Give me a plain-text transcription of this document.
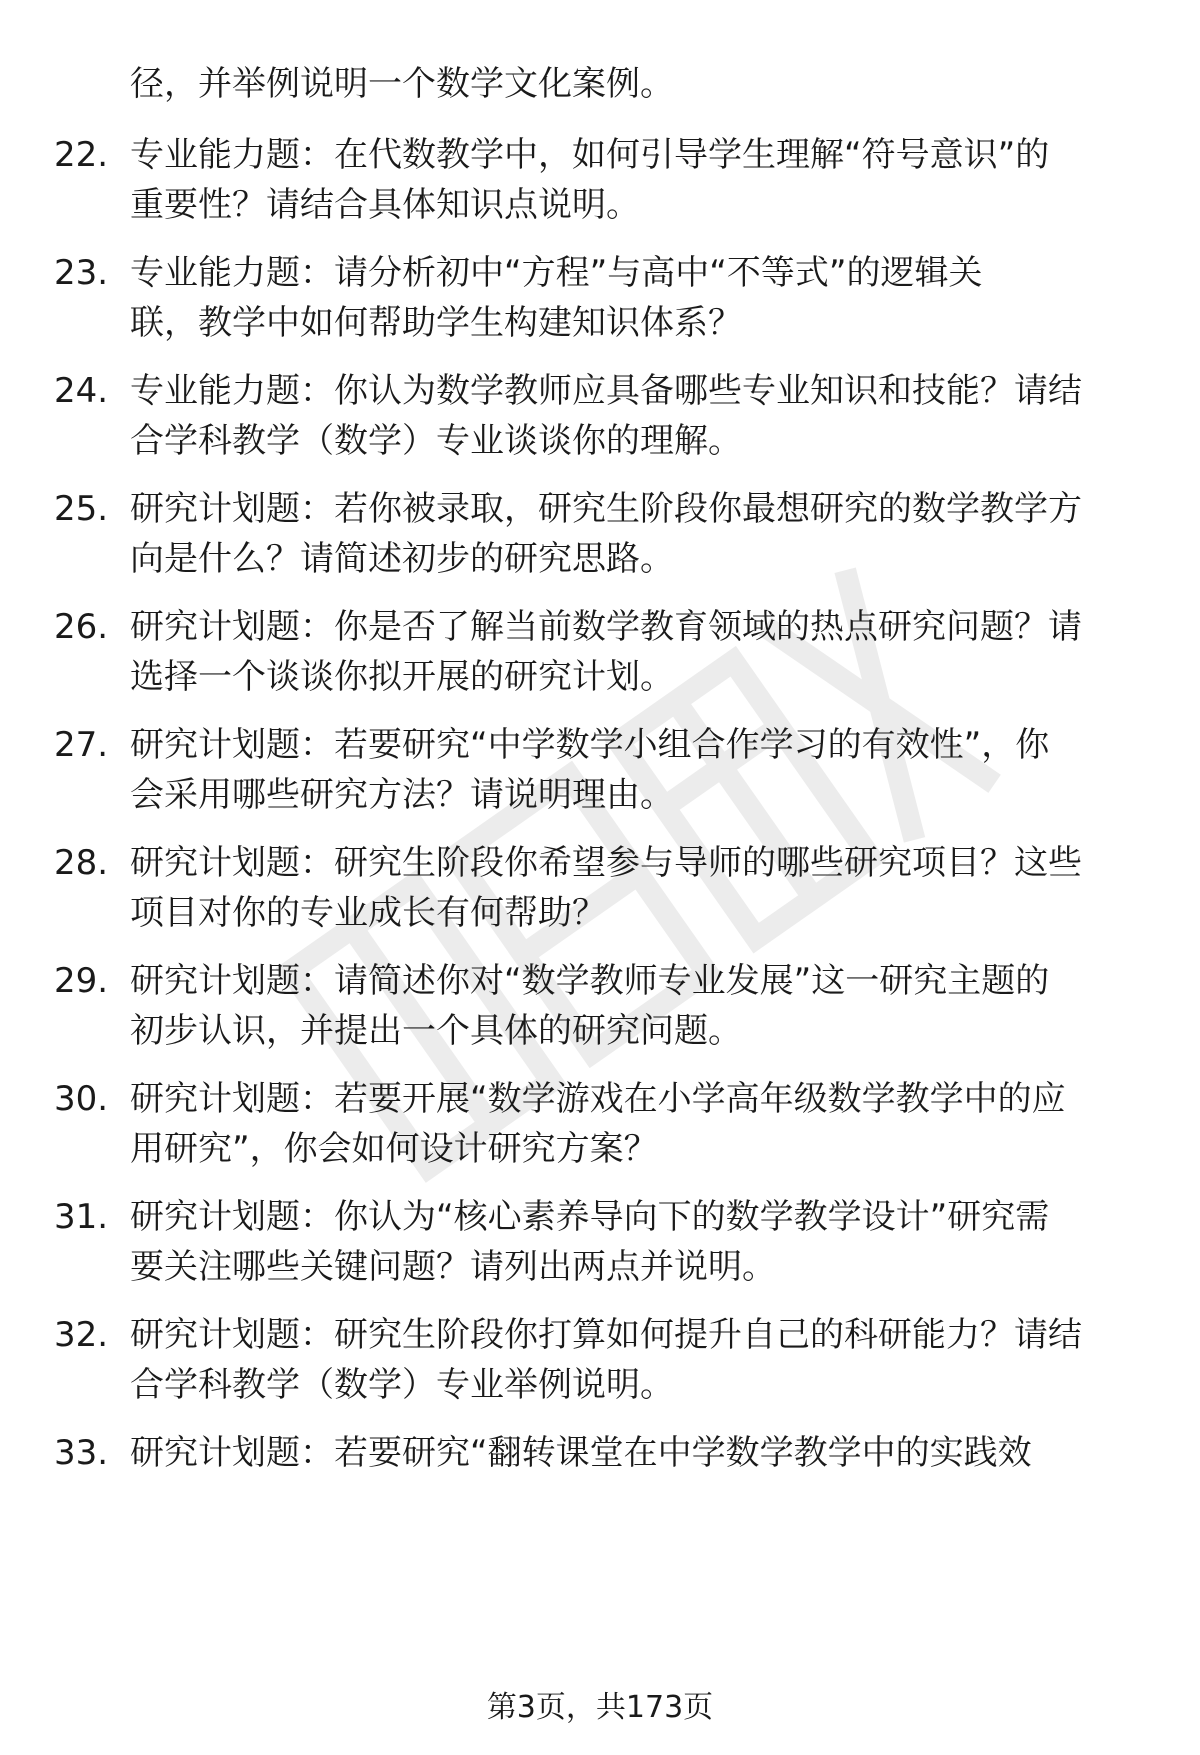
径，并举例说明一个数学文化案例。
22. 专业能力题：在代数教学中，如何引导学生理解“符号意识”的
重要性？请结合具体知识点说明。
23. 专业能力题：请分析初中“方程”与高中“不等式”的逻辑关
联，教学中如何帮助学生构建知识体系？
24. 专业能力题：你认为数学教师应具备哪些专业知识和技能？请结
合学科教学（数学）专业谈谈你的理解。
25. 研究计划题：若你被录取，研究生阶段你最想研究的数学教学方
向是什么？请简述初步的研究思路。
26. 研究计划题：你是否了解当前数学教育领域的热点研究问题？请
选择一个谈谈你拟开展的研究计划。
27. 研究计划题：若要研究“中学数学小组合作学习的有效性”，你
会采用哪些研究方法？请说明理由。
28. 研究计划题：研究生阶段你希望参与导师的哪些研究项目？这些
项目对你的专业成长有何帮助？
29. 研究计划题：请简述你对“数学教师专业发展”这一研究主题的
初步认识，并提出一个具体的研究问题。
30. 研究计划题：若要开展“数学游戏在小学高年级数学教学中的应
用研究”，你会如何设计研究方案？
31. 研究计划题：你认为“核心素养导向下的数学教学设计”研究需
要关注哪些关键问题？请列出两点并说明。
32. 研究计划题：研究生阶段你打算如何提升自己的科研能力？请结
合学科教学（数学）专业举例说明。
33. 研究计划题：若要研究“翻转课堂在中学数学教学中的实践效
第3页，共173页
